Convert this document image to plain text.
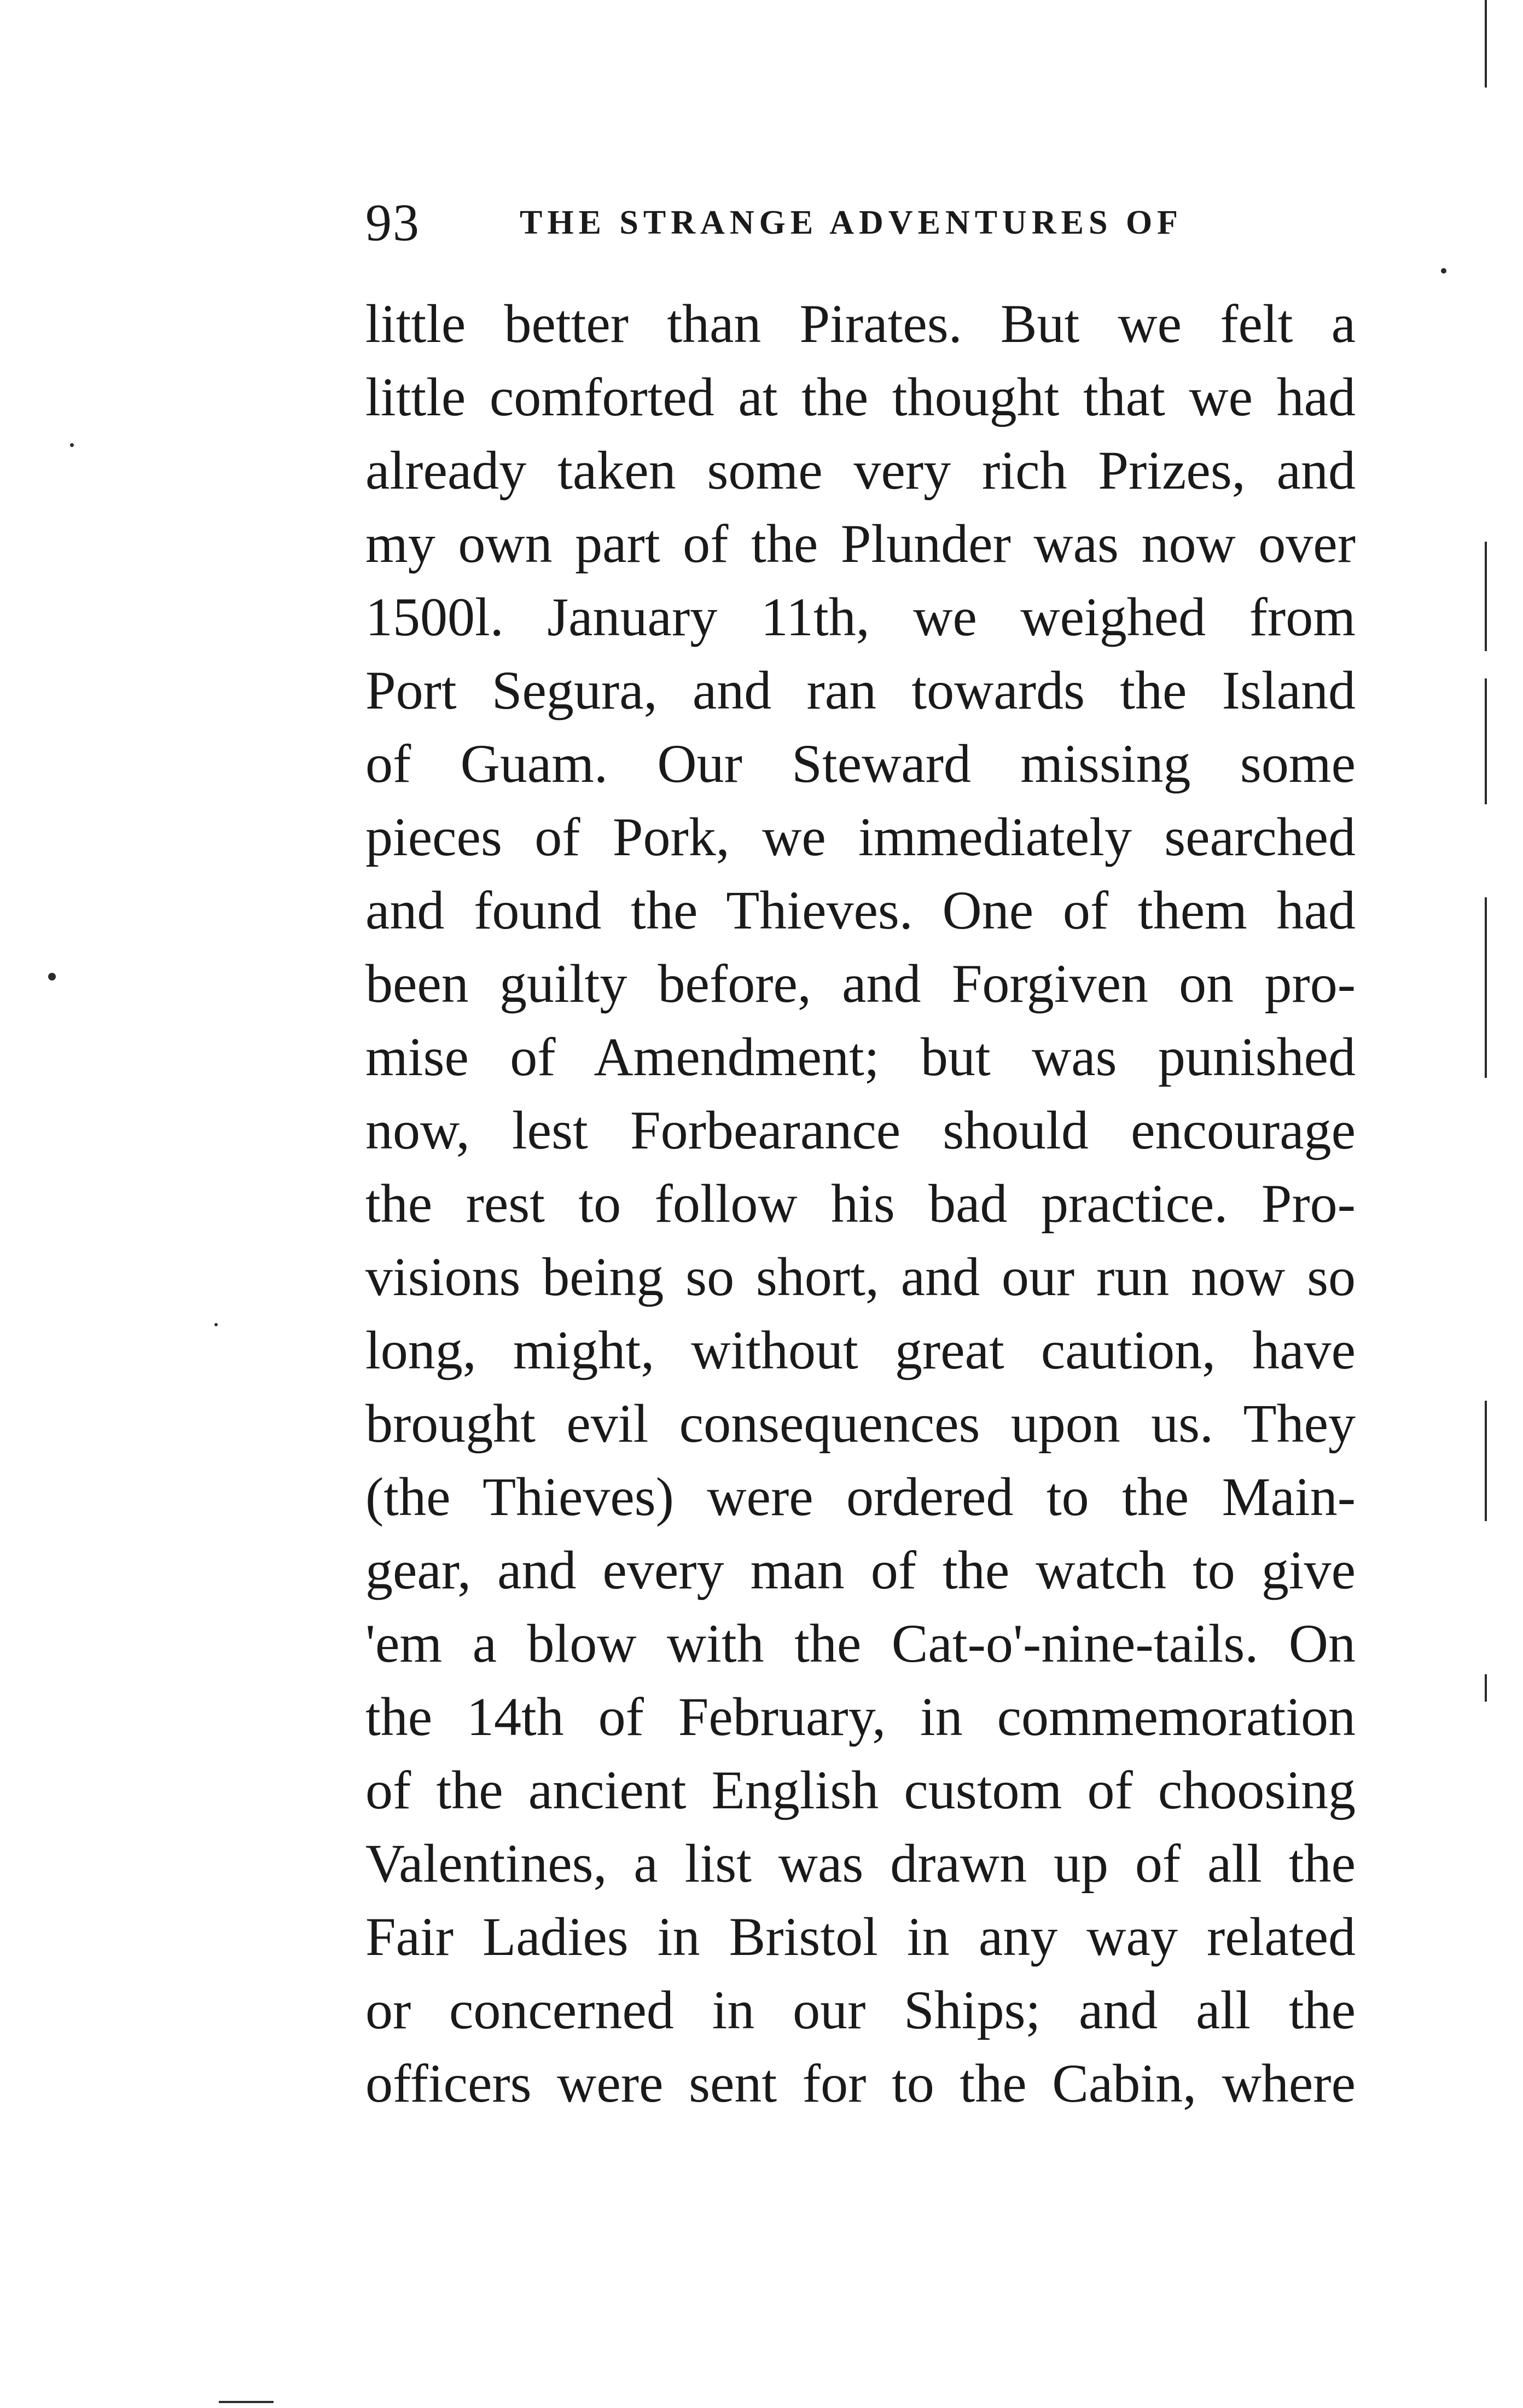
93	THE STRANGE ADVENTURES OF
little better than Pirates. But we felt a
little comforted at the thought that we had
already taken some very rich Prizes, and
my own part of the Plunder was now over
1500l. January 11th, we weighed from
Port Segura, and ran towards the Island
of Guam. Our Steward missing some
pieces of Pork, we immediately searched
and found the Thieves. One of them had
been guilty before, and Forgiven on pro-
mise of Amendment; but was punished
now, lest Forbearance should encourage
the rest to follow his bad practice. Pro-
visions being so short, and our run now so
long, might, without great caution, have
brought evil consequences upon us. They
(the Thieves) were ordered to the Main-
gear, and every man of the watch to give
'em a blow with the Cat-o'-nine-tails. On
the 14th of February, in commemoration
of the ancient English custom of choosing
Valentines, a list was drawn up of all the
Fair Ladies in Bristol in any way related
or concerned in our Ships; and all the
officers were sent for to the Cabin, where
